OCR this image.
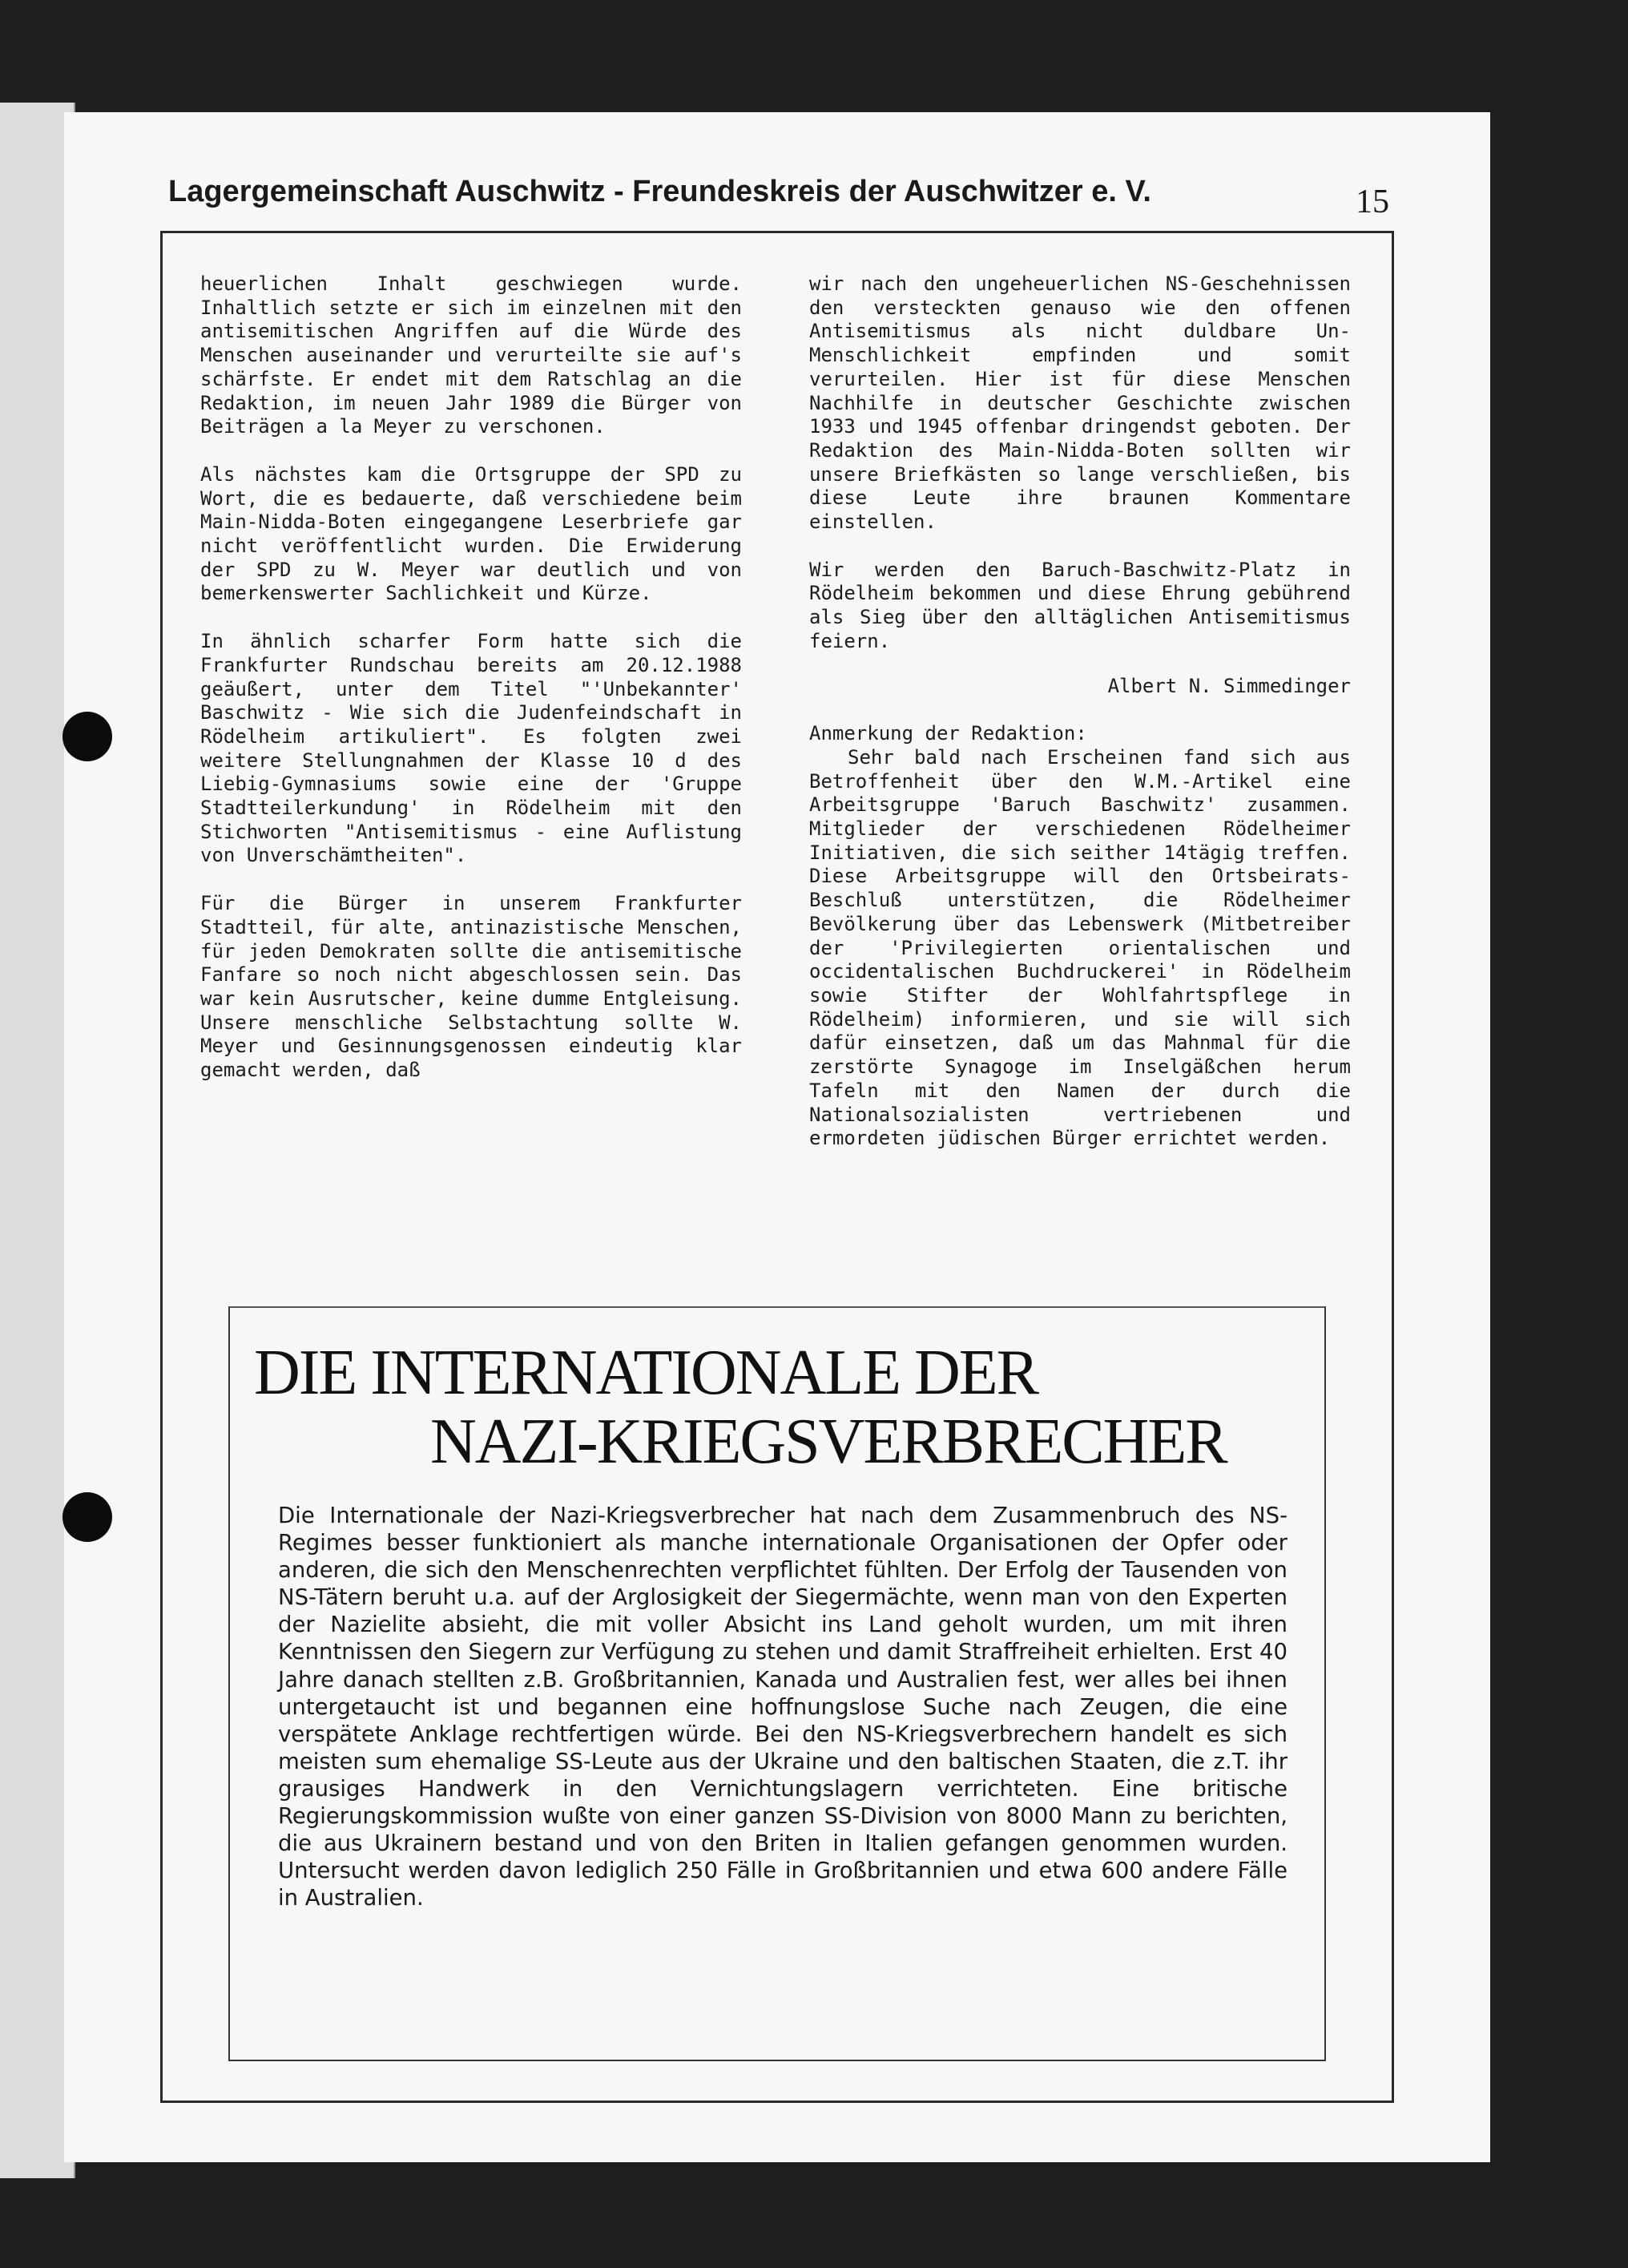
Lagergemeinschaft Auschwitz - Freundeskreis der Auschwitzer e. V.	15

heuerlichen Inhalt geschwiegen wurde. Inhaltlich setzte er sich im einzelnen mit den antisemitischen Angriffen auf die Würde des Menschen auseinander und verurteilte sie auf's schärfste. Er endet mit dem Ratschlag an die Redaktion, im neuen Jahr 1989 die Bürger von Beiträgen a la Meyer zu verschonen.

Als nächstes kam die Ortsgruppe der SPD zu Wort, die es bedauerte, daß verschiedene beim Main-Nidda-Boten eingegangene Leserbriefe gar nicht veröffentlicht wurden. Die Erwiderung der SPD zu W. Meyer war deutlich und von bemerkenswerter Sachlichkeit und Kürze.

In ähnlich scharfer Form hatte sich die Frankfurter Rundschau bereits am 20.12.1988 geäußert, unter dem Titel "'Unbekannter' Baschwitz - Wie sich die Judenfeindschaft in Rödelheim artikuliert". Es folgten zwei weitere Stellungnahmen der Klasse 10 d des Liebig-Gymnasiums sowie eine der 'Gruppe Stadtteilerkundung' in Rödelheim mit den Stichworten "Antisemitismus - eine Auflistung von Unverschämtheiten".

Für die Bürger in unserem Frankfurter Stadtteil, für alte, antinazistische Menschen, für jeden Demokraten sollte die antisemitische Fanfare so noch nicht abgeschlossen sein. Das war kein Ausrutscher, keine dumme Entgleisung. Unsere menschliche Selbstachtung sollte W. Meyer und Gesinnungsgenossen eindeutig klar gemacht werden, daß

wir nach den ungeheuerlichen NS-Geschehnissen den versteckten genauso wie den offenen Antisemitismus als nicht duldbare Un-Menschlichkeit empfinden und somit verurteilen. Hier ist für diese Menschen Nachhilfe in deutscher Geschichte zwischen 1933 und 1945 offenbar dringendst geboten. Der Redaktion des Main-Nidda-Boten sollten wir unsere Briefkästen so lange verschließen, bis diese Leute ihre braunen Kommentare einstellen.

Wir werden den Baruch-Baschwitz-Platz in Rödelheim bekommen und diese Ehrung gebührend als Sieg über den alltäglichen Antisemitismus feiern.

Albert N. Simmedinger

Anmerkung der Redaktion:

Sehr bald nach Erscheinen fand sich aus Betroffenheit über den W.M.-Artikel eine Arbeitsgruppe 'Baruch Baschwitz' zusammen. Mitglieder der verschiedenen Rödelheimer Initiativen, die sich seither 14tägig treffen. Diese Arbeitsgruppe will den Ortsbeirats-Beschluß unterstützen, die Rödelheimer Bevölkerung über das Lebenswerk (Mitbetreiber der 'Privilegierten orientalischen und occidentalischen Buchdruckerei' in Rödelheim sowie Stifter der Wohlfahrtspflege in Rödelheim) informieren, und sie will sich dafür einsetzen, daß um das Mahnmal für die zerstörte Synagoge im Inselgäßchen herum Tafeln mit den Namen der durch die Nationalsozialisten vertriebenen und ermordeten jüdischen Bürger errichtet werden.

DIE INTERNATIONALE DER
NAZI-KRIEGSVERBRECHER

Die Internationale der Nazi-Kriegsverbrecher hat nach dem Zusammenbruch des NS-Regimes besser funktioniert als manche internationale Organisationen der Opfer oder anderen, die sich den Menschenrechten verpflichtet fühlten. Der Erfolg der Tausenden von NS-Tätern beruht u.a. auf der Arglosigkeit der Siegermächte, wenn man von den Experten der Nazielite absieht, die mit voller Absicht ins Land geholt wurden, um mit ihren Kenntnissen den Siegern zur Verfügung zu stehen und damit Straffreiheit erhielten. Erst 40 Jahre danach stellten z.B. Großbritannien, Kanada und Australien fest, wer alles bei ihnen untergetaucht ist und begannen eine hoffnungslose Suche nach Zeugen, die eine verspätete Anklage rechtfertigen würde. Bei den NS-Kriegsverbrechern handelt es sich meisten sum ehemalige SS-Leute aus der Ukraine und den baltischen Staaten, die z.T. ihr grausiges Handwerk in den Vernichtungslagern verrichteten. Eine britische Regierungskommission wußte von einer ganzen SS-Division von 8000 Mann zu berichten, die aus Ukrainern bestand und von den Briten in Italien gefangen genommen wurden. Untersucht werden davon lediglich 250 Fälle in Großbritannien und etwa 600 andere Fälle in Australien.
